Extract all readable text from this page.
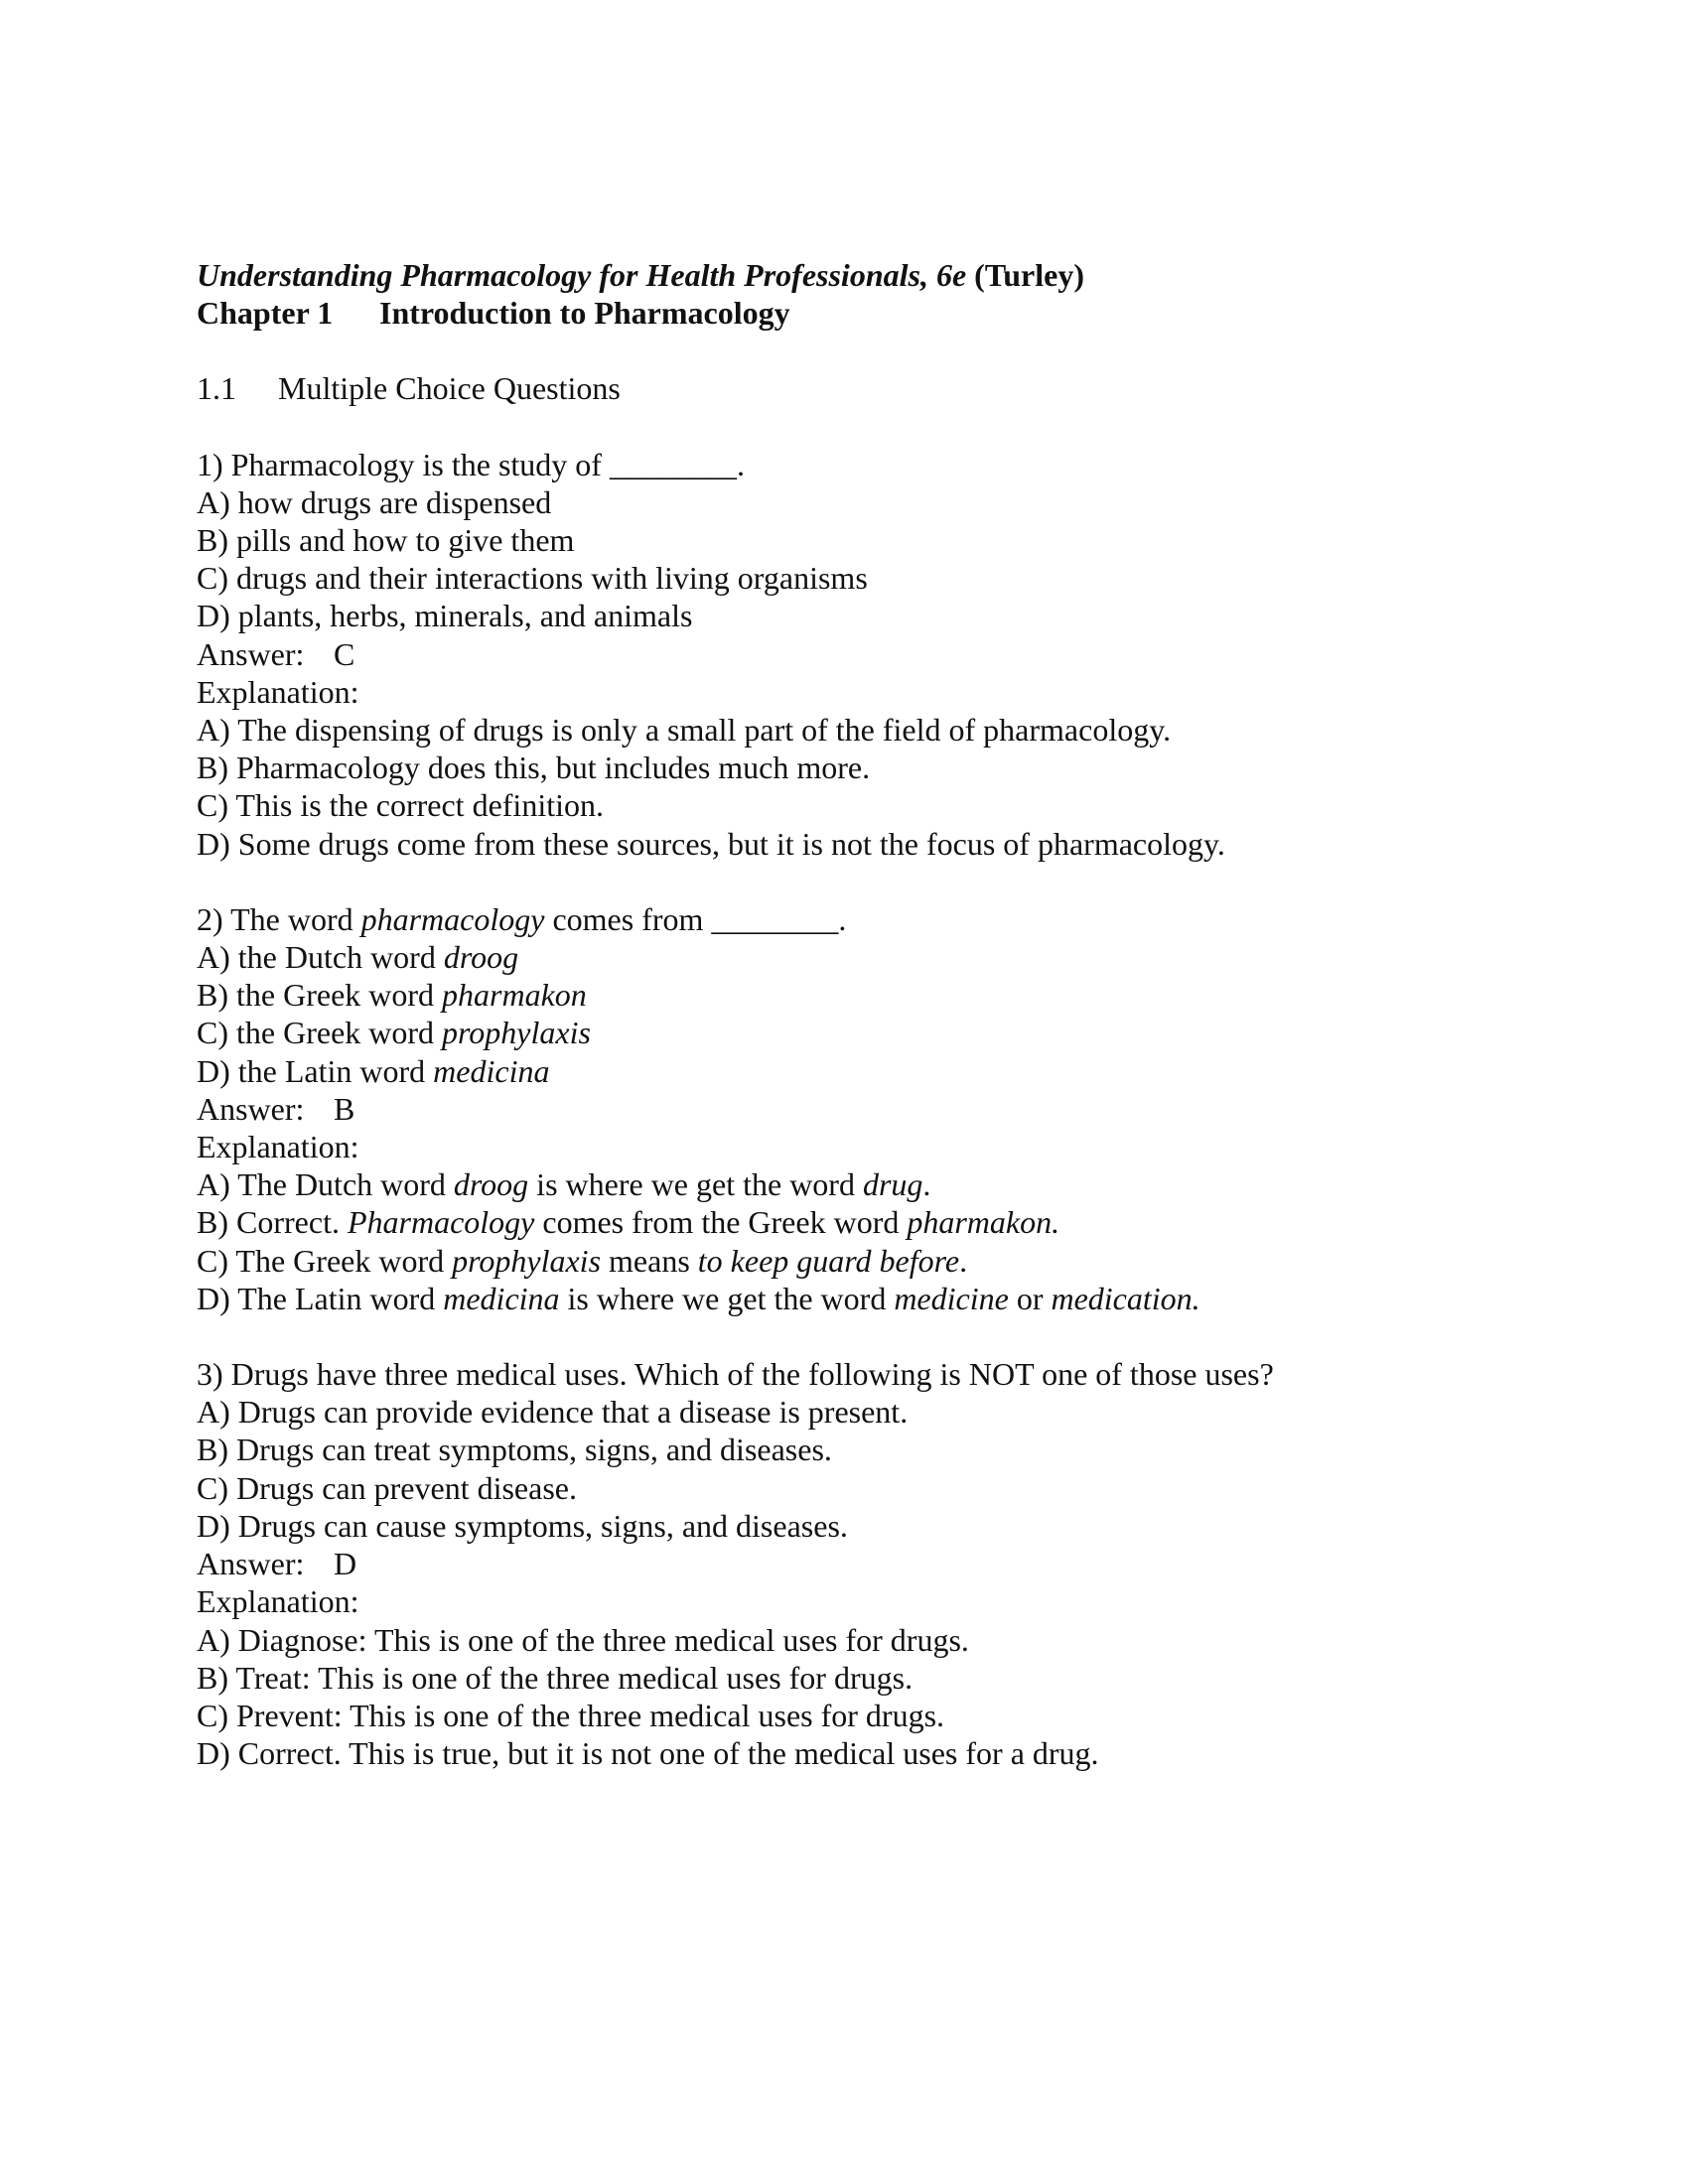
Understanding Pharmacology for Health Professionals, 6e (Turley)
Chapter 1 Introduction to Pharmacology
1.1 Multiple Choice Questions
1) Pharmacology is the study of ________.
A) how drugs are dispensed
B) pills and how to give them
C) drugs and their interactions with living organisms
D) plants, herbs, minerals, and animals
Answer: C
Explanation:
A) The dispensing of drugs is only a small part of the field of pharmacology.
B) Pharmacology does this, but includes much more.
C) This is the correct definition.
D) Some drugs come from these sources, but it is not the focus of pharmacology.
2) The word pharmacology comes from ________.
A) the Dutch word droog
B) the Greek word pharmakon
C) the Greek word prophylaxis
D) the Latin word medicina
Answer: B
Explanation:
A) The Dutch word droog is where we get the word drug.
B) Correct. Pharmacology comes from the Greek word pharmakon.
C) The Greek word prophylaxis means to keep guard before.
D) The Latin word medicina is where we get the word medicine or medication.
3) Drugs have three medical uses. Which of the following is NOT one of those uses?
A) Drugs can provide evidence that a disease is present.
B) Drugs can treat symptoms, signs, and diseases.
C) Drugs can prevent disease.
D) Drugs can cause symptoms, signs, and diseases.
Answer: D
Explanation:
A) Diagnose: This is one of the three medical uses for drugs.
B) Treat: This is one of the three medical uses for drugs.
C) Prevent: This is one of the three medical uses for drugs.
D) Correct. This is true, but it is not one of the medical uses for a drug.
